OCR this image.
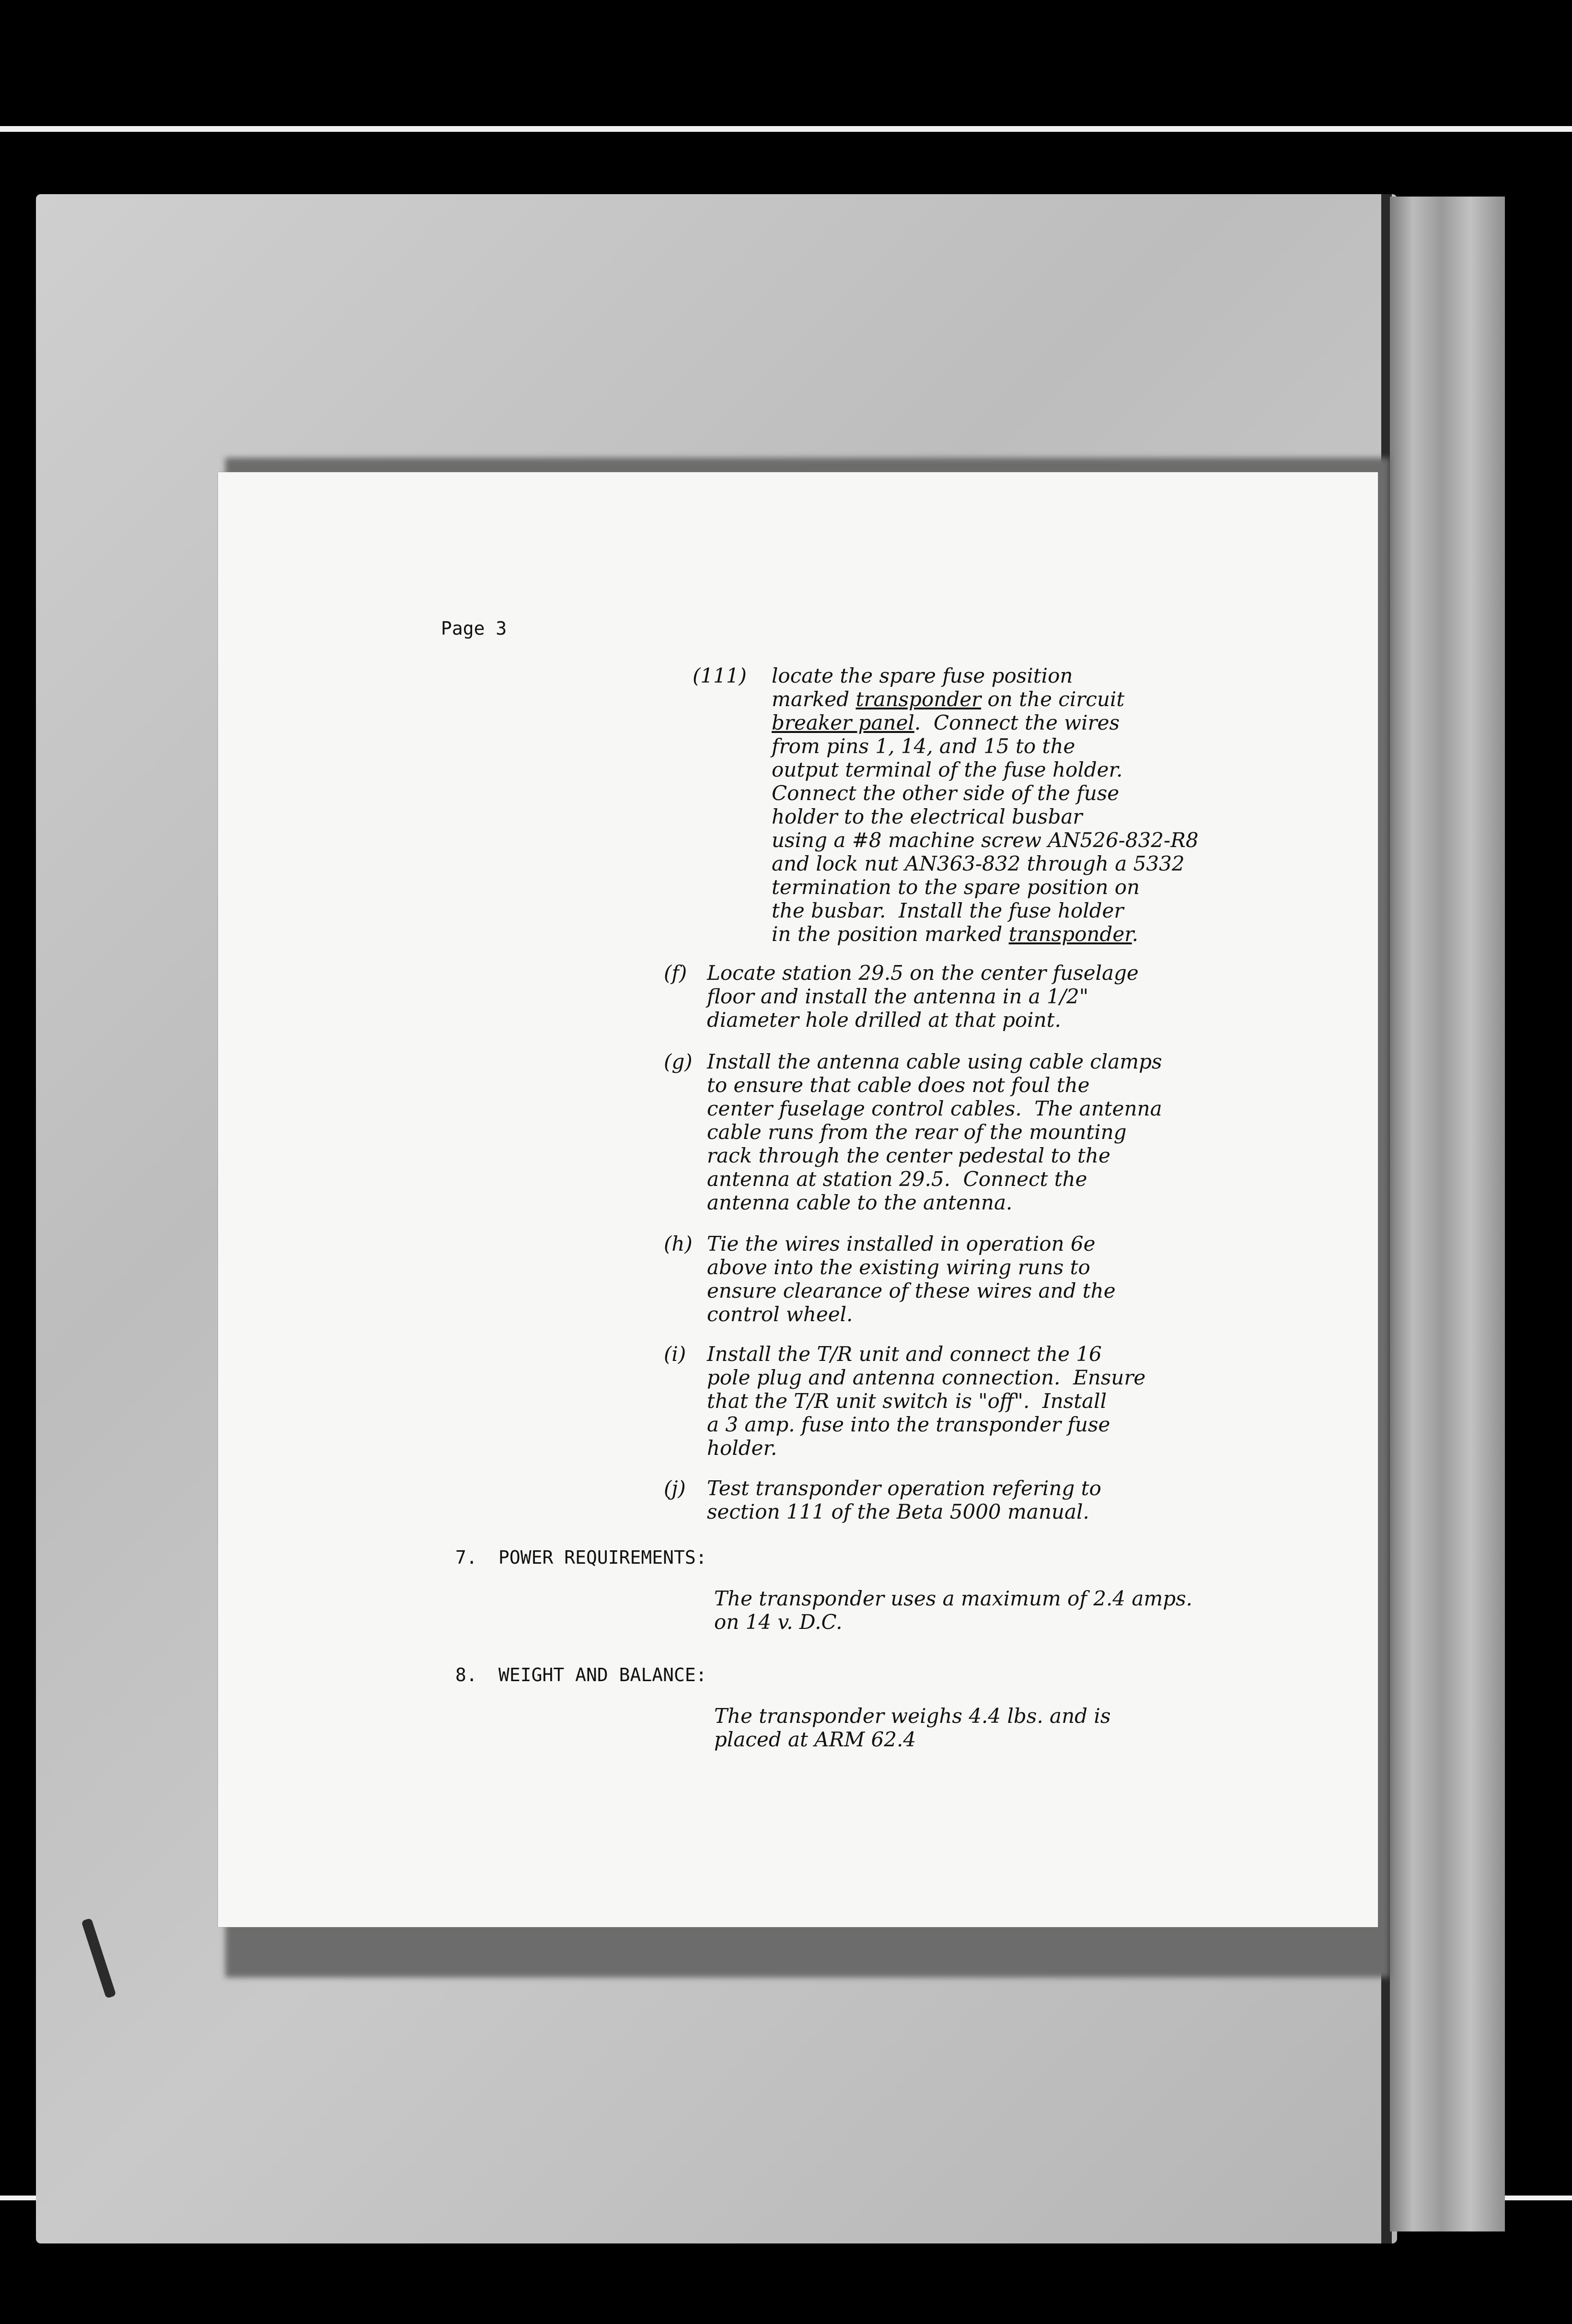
Page 3
(111) locate the spare fuse position
marked transponder on the circuit
breaker panel.  Connect the wires
from pins 1, 14, and 15 to the
output terminal of the fuse holder.
Connect the other side of the fuse
holder to the electrical busbar
using a #8 machine screw AN526-832-R8
and lock nut AN363-832 through a 5332
termination to the spare position on
the busbar.  Install the fuse holder
in the position marked transponder.
(f) Locate station 29.5 on the center fuselage
floor and install the antenna in a 1/2"
diameter hole drilled at that point.
(g) Install the antenna cable using cable clamps
to ensure that cable does not foul the
center fuselage control cables.  The antenna
cable runs from the rear of the mounting
rack through the center pedestal to the
antenna at station 29.5.  Connect the
antenna cable to the antenna.
(h) Tie the wires installed in operation 6e
above into the existing wiring runs to
ensure clearance of these wires and the
control wheel.
(i) Install the T/R unit and connect the 16
pole plug and antenna connection.  Ensure
that the T/R unit switch is "off".  Install
a 3 amp. fuse into the transponder fuse
holder.
(j) Test transponder operation refering to
section 111 of the Beta 5000 manual.
7. POWER REQUIREMENTS:
The transponder uses a maximum of 2.4 amps.
on 14 v. D.C.
8. WEIGHT AND BALANCE:
The transponder weighs 4.4 lbs. and is
placed at ARM 62.4
